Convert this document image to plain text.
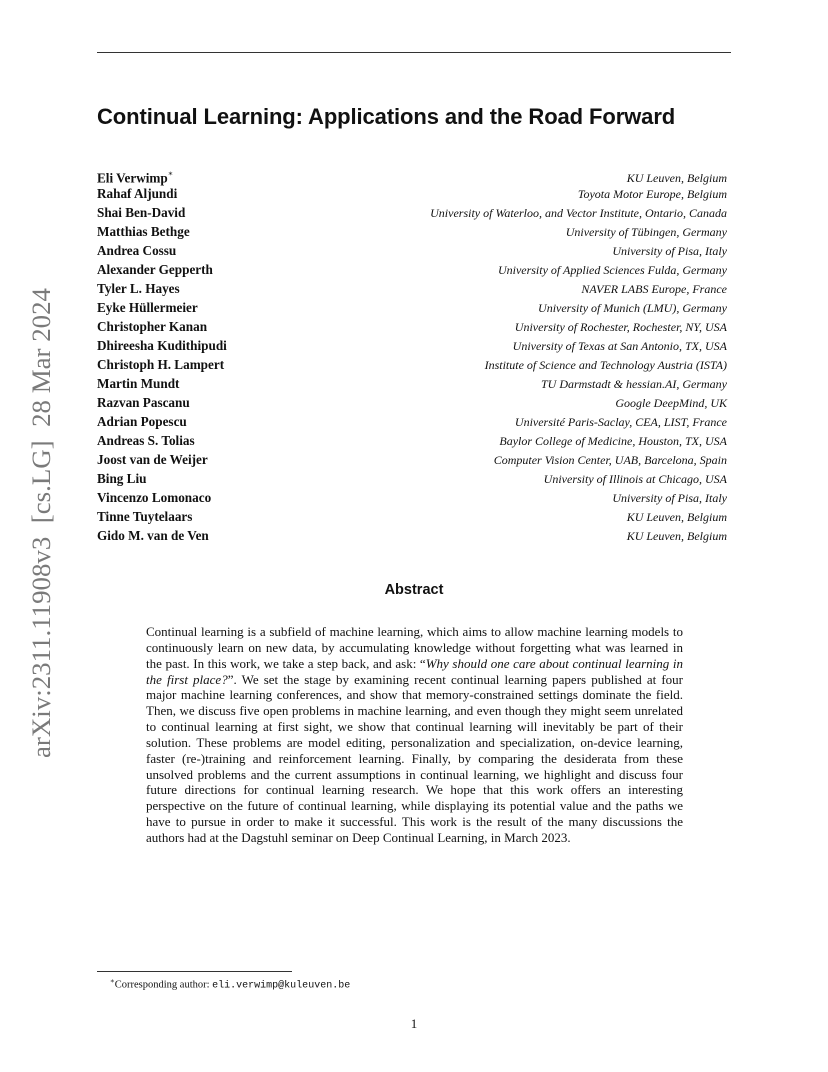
Continual Learning: Applications and the Road Forward
Eli Verwimp∗	KU Leuven, Belgium
Rahaf Aljundi	Toyota Motor Europe, Belgium
Shai Ben-David	University of Waterloo, and Vector Institute, Ontario, Canada
Matthias Bethge	University of Tübingen, Germany
Andrea Cossu	University of Pisa, Italy
Alexander Gepperth	University of Applied Sciences Fulda, Germany
Tyler L. Hayes	NAVER LABS Europe, France
Eyke Hüllermeier	University of Munich (LMU), Germany
Christopher Kanan	University of Rochester, Rochester, NY, USA
Dhireesha Kudithipudi	University of Texas at San Antonio, TX, USA
Christoph H. Lampert	Institute of Science and Technology Austria (ISTA)
Martin Mundt	TU Darmstadt & hessian.AI, Germany
Razvan Pascanu	Google DeepMind, UK
Adrian Popescu	Université Paris-Saclay, CEA, LIST, France
Andreas S. Tolias	Baylor College of Medicine, Houston, TX, USA
Joost van de Weijer	Computer Vision Center, UAB, Barcelona, Spain
Bing Liu	University of Illinois at Chicago, USA
Vincenzo Lomonaco	University of Pisa, Italy
Tinne Tuytelaars	KU Leuven, Belgium
Gido M. van de Ven	KU Leuven, Belgium
arXiv:2311.11908v3  [cs.LG]  28 Mar 2024	Abstract

Continual learning is a subfield of machine learning, which aims to allow machine learning models to continuously learn on new data, by accumulating knowledge without forgetting what was learned in the past. In this work, we take a step back, and ask: “Why should one care about continual learning in the first place?”. We set the stage by examining recent continual learning papers published at four major machine learning conferences, and show that memory-constrained settings dominate the field. Then, we discuss five open problems in machine learning, and even though they might seem unrelated to continual learning at first sight, we show that continual learning will inevitably be part of their solution. These problems are model editing, personalization and specialization, on-device learning, faster (re-)training and reinforcement learning. Finally, by comparing the desiderata from these unsolved problems and the current assumptions in continual learning, we highlight and discuss four future directions for continual learning research. We hope that this work offers an interesting perspective on the future of continual learning, while displaying its potential value and the paths we have to pursue in order to make it successful. This work is the result of the many discussions the authors had at the Dagstuhl seminar on Deep Continual Learning, in March 2023.

∗Corresponding author: eli.verwimp@kuleuven.be

1
